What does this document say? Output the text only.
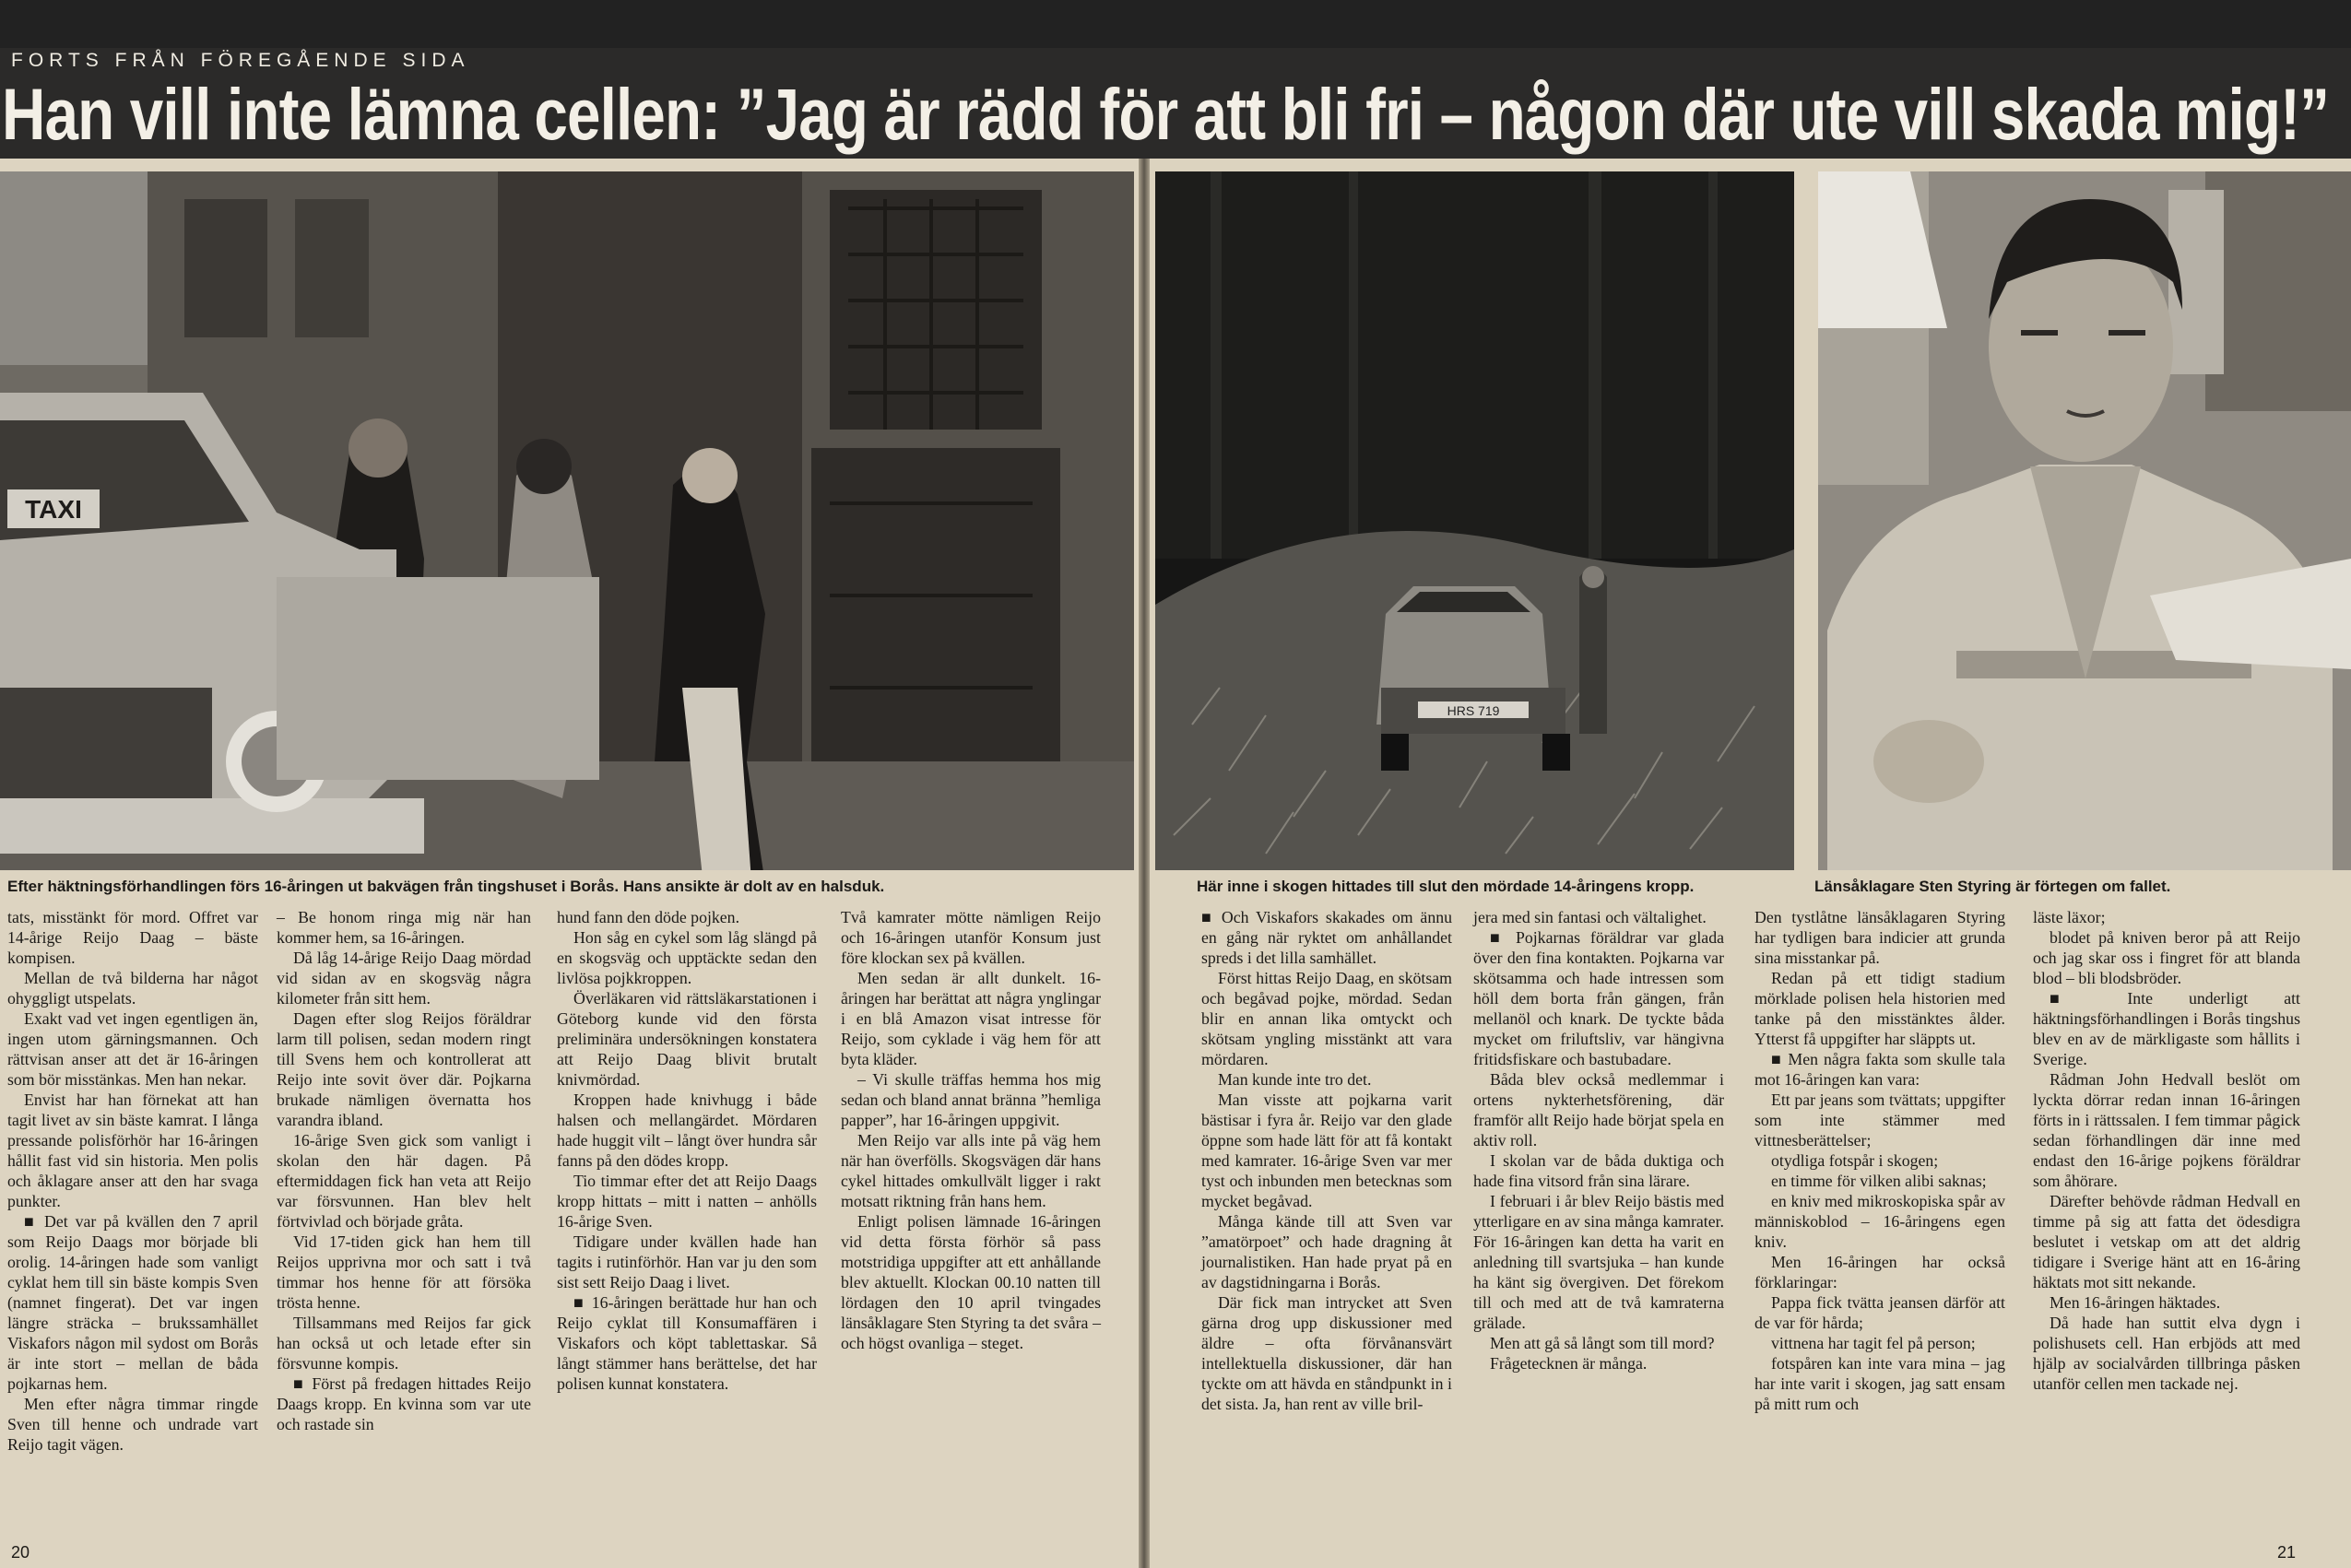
FORTS FRÅN FÖREGÅENDE SIDA
Han vill inte lämna cellen: ”Jag är rädd för att bli fri – någon där ute vill skada mig!”
TAXI
HRS 719
Efter häktningsförhandlingen förs 16-åringen ut bakvägen från tingshuset i Borås. Hans ansikte är dolt av en halsduk.	Här inne i skogen hittades till slut den mördade 14-åringens kropp.	Länsåklagare Sten Styring är förtegen om fallet.

tats, misstänkt för mord. Offret var 14-årige Reijo Daag – bäste kompisen.

Mellan de två bilderna har något ohyggligt utspelats.

Exakt vad vet ingen egentligen än, ingen utom gärningsmannen. Och rättvisan anser att det är 16-åringen som bör misstänkas. Men han nekar.

Envist har han förnekat att han tagit livet av sin bäste kamrat. I långa pressande polisförhör har 16-åringen hållit fast vid sin historia. Men polis och åklagare anser att den har svaga punkter.

■ Det var på kvällen den 7 april som Reijo Daags mor började bli orolig. 14-åringen hade som vanligt cyklat hem till sin bäste kompis Sven (namnet fingerat). Det var ingen längre sträcka – brukssamhället Viskafors någon mil sydost om Borås är inte stort – mellan de båda pojkarnas hem.

Men efter några timmar ringde Sven till henne och undrade vart Reijo tagit vägen.

– Be honom ringa mig när han kommer hem, sa 16-åringen.

Då låg 14-årige Reijo Daag mördad vid sidan av en skogsväg några kilometer från sitt hem.

Dagen efter slog Reijos föräldrar larm till polisen, sedan modern ringt till Svens hem och kontrollerat att Reijo inte sovit över där. Pojkarna brukade nämligen övernatta hos varandra ibland.

16-årige Sven gick som vanligt i skolan den här dagen. På eftermiddagen fick han veta att Reijo var försvunnen. Han blev helt förtvivlad och började gråta.

Vid 17-tiden gick han hem till Reijos upprivna mor och satt i två timmar hos henne för att försöka trösta henne.

Tillsammans med Reijos far gick han också ut och letade efter sin försvunne kompis.

■ Först på fredagen hittades Reijo Daags kropp. En kvinna som var ute och rastade sin

hund fann den döde pojken.

Hon såg en cykel som låg slängd på en skogsväg och upptäckte sedan den livlösa pojkkroppen.

Överläkaren vid rättsläkarstationen i Göteborg kunde vid den första preliminära undersökningen konstatera att Reijo Daag blivit brutalt knivmördad.

Kroppen hade knivhugg i både halsen och mellangärdet. Mördaren hade huggit vilt – långt över hundra sår fanns på den dödes kropp.

Tio timmar efter det att Reijo Daags kropp hittats – mitt i natten – anhölls 16-årige Sven.

Tidigare under kvällen hade han tagits i rutinförhör. Han var ju den som sist sett Reijo Daag i livet.

■ 16-åringen berättade hur han och Reijo cyklat till Konsumaffären i Viskafors och köpt tablettaskar. Så långt stämmer hans berättelse, det har polisen kunnat konstatera.

Två kamrater mötte nämligen Reijo och 16-åringen utanför Konsum just före klockan sex på kvällen.

Men sedan är allt dunkelt. 16-åringen har berättat att några ynglingar i en blå Amazon visat intresse för Reijo, som cyklade i väg hem för att byta kläder.

– Vi skulle träffas hemma hos mig sedan och bland annat bränna ”hemliga papper”, har 16-åringen uppgivit.

Men Reijo var alls inte på väg hem när han överfölls. Skogsvägen där hans cykel hittades omkullvält ligger i rakt motsatt riktning från hans hem.

Enligt polisen lämnade 16-åringen vid detta första förhör så pass motstridiga uppgifter att ett anhållande blev aktuellt. Klockan 00.10 natten till lördagen den 10 april tvingades länsåklagare Sten Styring ta det svåra – och högst ovanliga – steget.

■ Och Viskafors skakades om ännu en gång när ryktet om anhållandet spreds i det lilla samhället.

Först hittas Reijo Daag, en skötsam och begåvad pojke, mördad. Sedan blir en annan lika omtyckt och skötsam yngling misstänkt att vara mördaren.

Man kunde inte tro det.

Man visste att pojkarna varit bästisar i fyra år. Reijo var den glade öppne som hade lätt för att få kontakt med kamrater. 16-årige Sven var mer tyst och inbunden men betecknas som mycket begåvad.

Många kände till att Sven var ”amatörpoet” och hade dragning åt journalistiken. Han hade pryat på en av dagstidningarna i Borås.

Där fick man intrycket att Sven gärna drog upp diskussioner med äldre – ofta förvånansvärt intellektuella diskussioner, där han tyckte om att hävda en ståndpunkt in i det sista. Ja, han rent av ville bril-

jera med sin fantasi och vältalighet.

■ Pojkarnas föräldrar var glada över den fina kontakten. Pojkarna var skötsamma och hade intressen som höll dem borta från gängen, från mellanöl och knark. De tyckte båda mycket om friluftsliv, var hängivna fritidsfiskare och bastubadare.

Båda blev också medlemmar i ortens nykterhetsförening, där framför allt Reijo hade börjat spela en aktiv roll.

I skolan var de båda duktiga och hade fina vitsord från sina lärare.

I februari i år blev Reijo bästis med ytterligare en av sina många kamrater. För 16-åringen kan detta ha varit en anledning till svartsjuka – han kunde ha känt sig övergiven. Det förekom till och med att de två kamraterna grälade.

Men att gå så långt som till mord?

Frågetecknen är många.

Den tystlåtne länsåklagaren Styring har tydligen bara indicier att grunda sina misstankar på.

Redan på ett tidigt stadium mörklade polisen hela historien med tanke på den misstänktes ålder. Ytterst få uppgifter har släppts ut.

■ Men några fakta som skulle tala mot 16-åringen kan vara:

Ett par jeans som tvättats; uppgifter som inte stämmer med vittnesberättelser;

otydliga fotspår i skogen;

en timme för vilken alibi saknas;

en kniv med mikroskopiska spår av människoblod – 16-åringens egen kniv.

Men 16-åringen har också förklaringar:

Pappa fick tvätta jeansen därför att de var för hårda;

vittnena har tagit fel på person;

fotspåren kan inte vara mina – jag har inte varit i skogen, jag satt ensam på mitt rum och

läste läxor;

blodet på kniven beror på att Reijo och jag skar oss i fingret för att blanda blod – bli blodsbröder.

■ Inte underligt att häktningsförhandlingen i Borås tingshus blev en av de märkligaste som hållits i Sverige.

Rådman John Hedvall beslöt om lyckta dörrar redan innan 16-åringen förts in i rättssalen. I fem timmar pågick sedan förhandlingen där inne med endast den 16-årige pojkens föräldrar som åhörare.

Därefter behövde rådman Hedvall en timme på sig att fatta det ödesdigra beslutet i vetskap om att det aldrig tidigare i Sverige hänt att en 16-åring häktats mot sitt nekande.

Men 16-åringen häktades.

Då hade han suttit elva dygn i polishusets cell. Han erbjöds att med hjälp av socialvården tillbringa påsken utanför cellen men tackade nej.

20	21
